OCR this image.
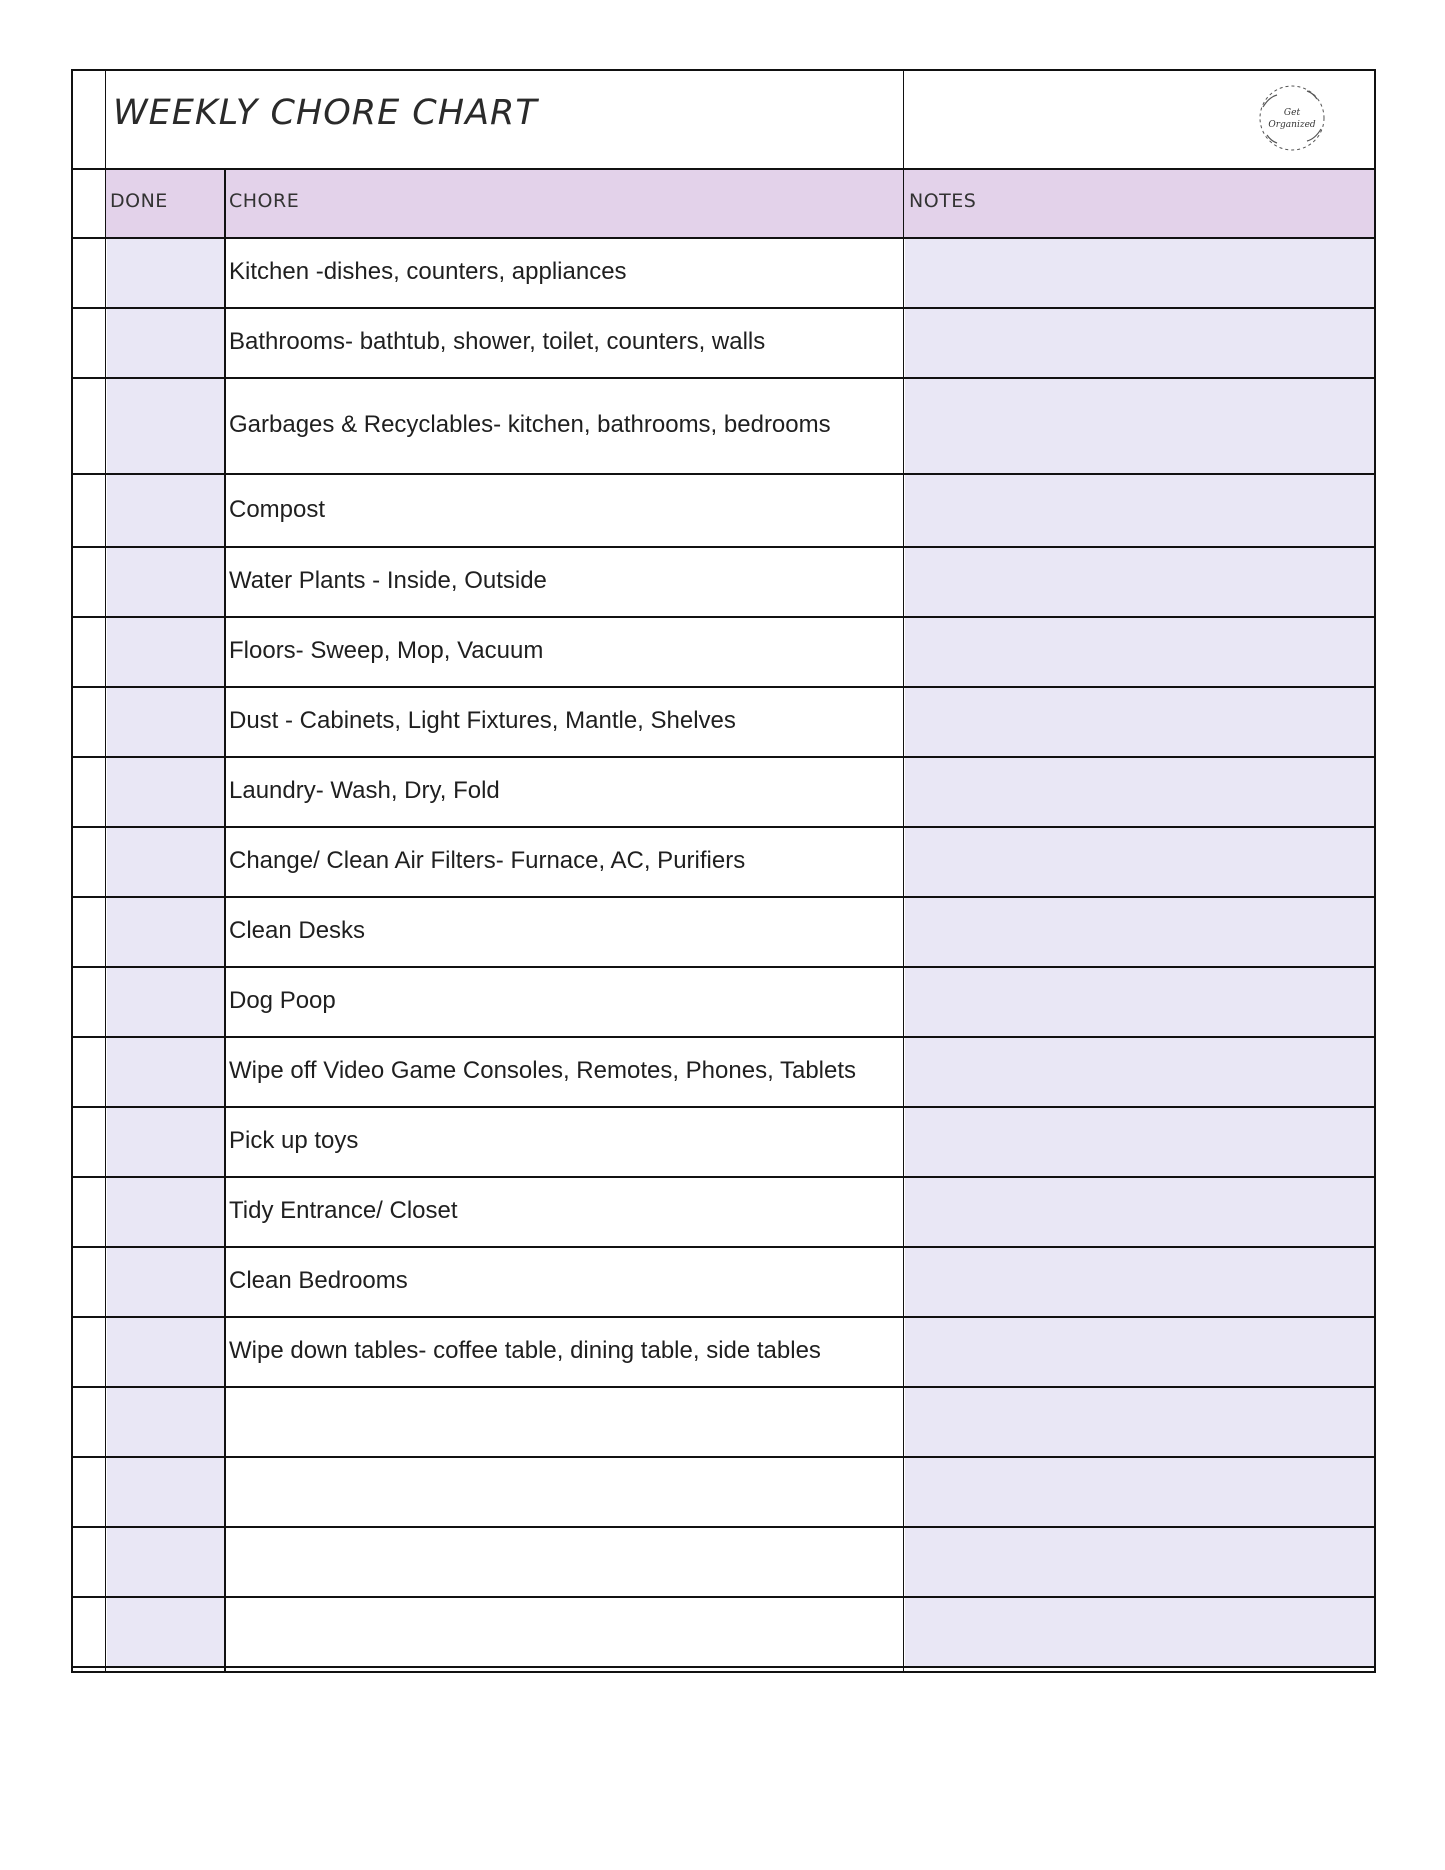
WEEKLY CHORE CHART	Get
Organized
DONE	CHORE	NOTES
Kitchen -dishes, counters, appliances
Bathrooms- bathtub, shower, toilet, counters, walls
Garbages & Recyclables- kitchen, bathrooms, bedrooms
Compost
Water Plants - Inside, Outside
Floors- Sweep, Mop, Vacuum
Dust - Cabinets, Light Fixtures, Mantle, Shelves
Laundry- Wash, Dry, Fold
Change/ Clean Air Filters- Furnace, AC, Purifiers
Clean Desks
Dog Poop
Wipe off Video Game Consoles, Remotes, Phones, Tablets
Pick up toys
Tidy Entrance/ Closet
Clean Bedrooms
Wipe down tables- coffee table, dining table, side tables
